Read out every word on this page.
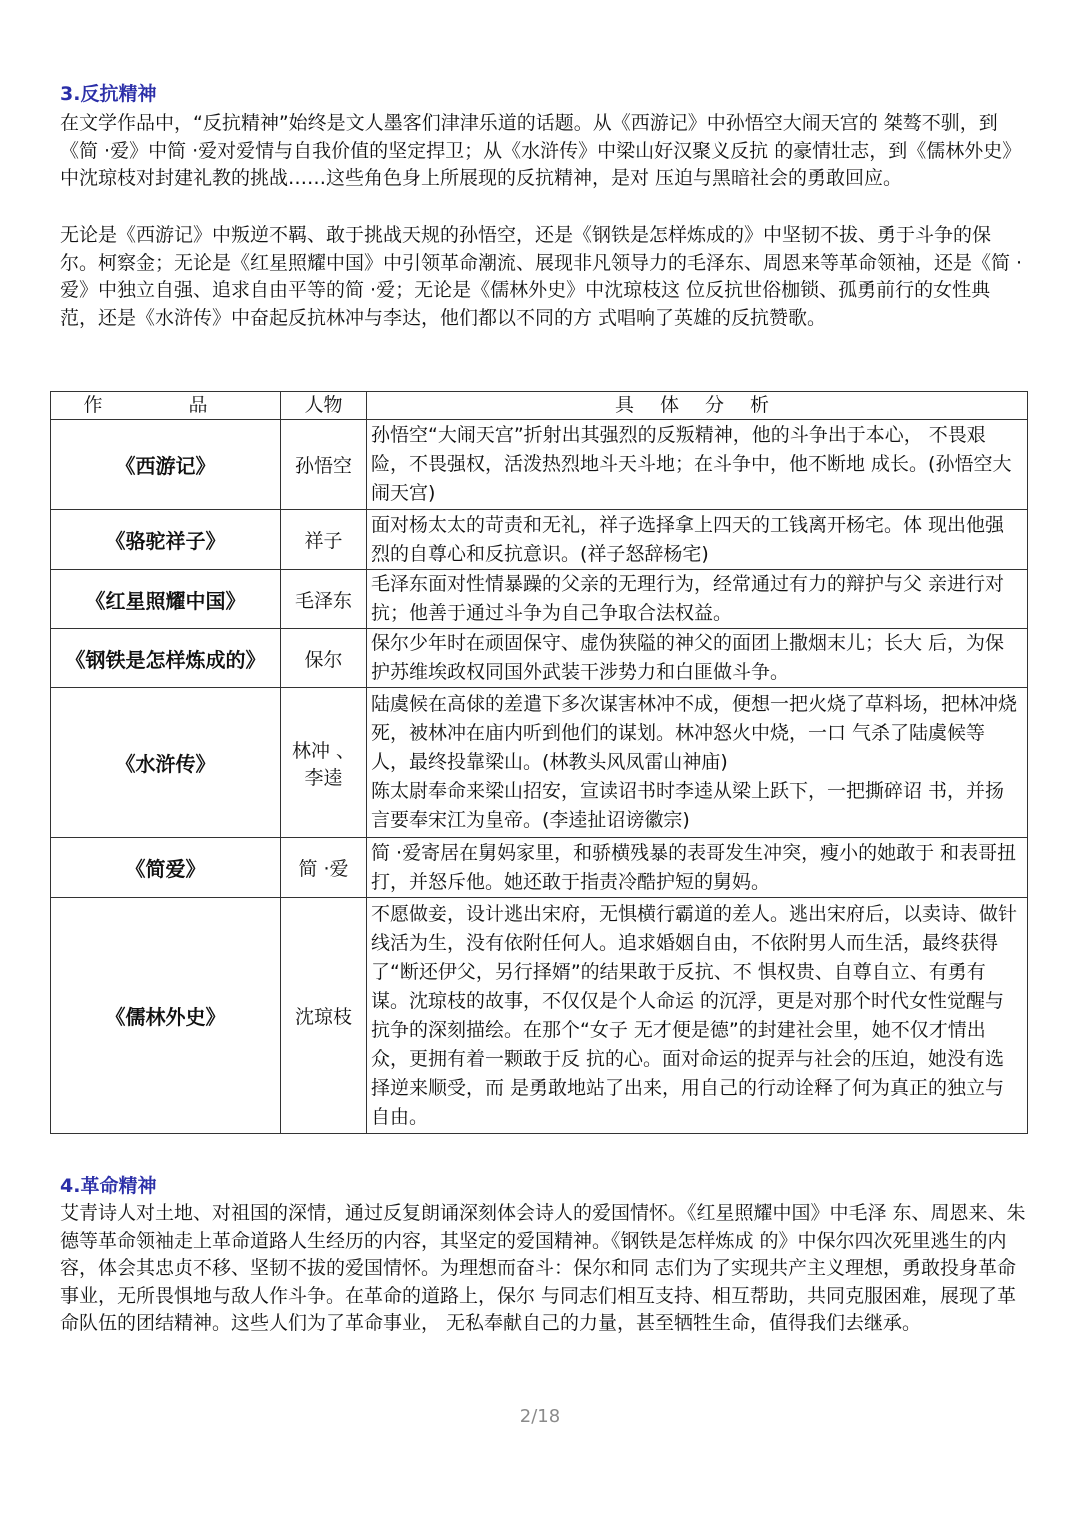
3.反抗精神

在文学作品中，“反抗精神”始终是文人墨客们津津乐道的话题。从《西游记》中孙悟空大闹天宫的 桀骜不驯，到《简 ·爱》中简 ·爱对爱情与自我价值的坚定捍卫；从《水浒传》中梁山好汉聚义反抗 的豪情壮志，到《儒林外史》中沈琼枝对封建礼教的挑战……这些角色身上所展现的反抗精神，是对 压迫与黑暗社会的勇敢回应。

无论是《西游记》中叛逆不羁、敢于挑战天规的孙悟空，还是《钢铁是怎样炼成的》中坚韧不拔、勇于斗争的保尔。柯察金；无论是《红星照耀中国》中引领革命潮流、展现非凡领导力的毛泽东、周恩来等革命领袖，还是《简 ·爱》中独立自强、追求自由平等的简 ·爱；无论是《儒林外史》中沈琼枝这 位反抗世俗枷锁、孤勇前行的女性典范，还是《水浒传》中奋起反抗林冲与李达，他们都以不同的方 式唱响了英雄的反抗赞歌。

作 品	人物	具 体 分 析
《西游记》	孙悟空	孙悟空“大闹天宫”折射出其强烈的反叛精神，他的斗争出于本心， 不畏艰险，不畏强权，活泼热烈地斗天斗地；在斗争中，他不断地 成长。(孙悟空大闹天宫)

《骆驼祥子》	祥子	面对杨太太的苛责和无礼，祥子选择拿上四天的工钱离开杨宅。体 现出他强烈的自尊心和反抗意识。(祥子怒辞杨宅)

《红星照耀中国》	毛泽东	毛泽东面对性情暴躁的父亲的无理行为，经常通过有力的辩护与父 亲进行对抗；他善于通过斗争为自己争取合法权益。

《钢铁是怎样炼成的》	保尔	保尔少年时在顽固保守、虚伪狭隘的神父的面团上撒烟末儿；长大 后，为保护苏维埃政权同国外武装干涉势力和白匪做斗争。

《水浒传》	林冲 、李逵	陆虞候在高俅的差遣下多次谋害林冲不成，便想一把火烧了草料场，把林冲烧死，被林冲在庙内听到他们的谋划。林冲怒火中烧，一口 气杀了陆虞候等人，最终投靠梁山。(林教头风凤雷山神庙)
陈太尉奉命来梁山招安，宣读诏书时李逵从梁上跃下，一把撕碎诏 书，并扬言要奉宋江为皇帝。(李逵扯诏谤徽宗)

《简爱》	简 ·爱	简 ·爱寄居在舅妈家里，和骄横残暴的表哥发生冲突，瘦小的她敢于 和表哥扭打，并怒斥他。她还敢于指责冷酷护短的舅妈。

《儒林外史》	沈琼枝	不愿做妾，设计逃出宋府，无惧横行霸道的差人。逃出宋府后，以卖诗、做针线活为生，没有依附任何人。追求婚姻自由，不依附男人而生活，最终获得了“断还伊父，另行择婿”的结果敢于反抗、不 惧权贵、自尊自立、有勇有谋。沈琼枝的故事，不仅仅是个人命运 的沉浮，更是对那个时代女性觉醒与抗争的深刻描绘。在那个“女子 无才便是德”的封建社会里，她不仅才情出众，更拥有着一颗敢于反 抗的心。面对命运的捉弄与社会的压迫，她没有选择逆来顺受，而 是勇敢地站了出来，用自己的行动诠释了何为真正的独立与自由。
4.革命精神

艾青诗人对土地、对祖国的深情，通过反复朗诵深刻体会诗人的爱国情怀。《红星照耀中国》中毛泽 东、周恩来、朱德等革命领袖走上革命道路人生经历的内容，其坚定的爱国精神。《钢铁是怎样炼成 的》中保尔四次死里逃生的内容，体会其忠贞不移、坚韧不拔的爱国情怀。为理想而奋斗：保尔和同 志们为了实现共产主义理想，勇敢投身革命事业，无所畏惧地与敌人作斗争。在革命的道路上，保尔 与同志们相互支持、相互帮助，共同克服困难，展现了革命队伍的团结精神。这些人们为了革命事业， 无私奉献自己的力量，甚至牺牲生命，值得我们去继承。

2/18
